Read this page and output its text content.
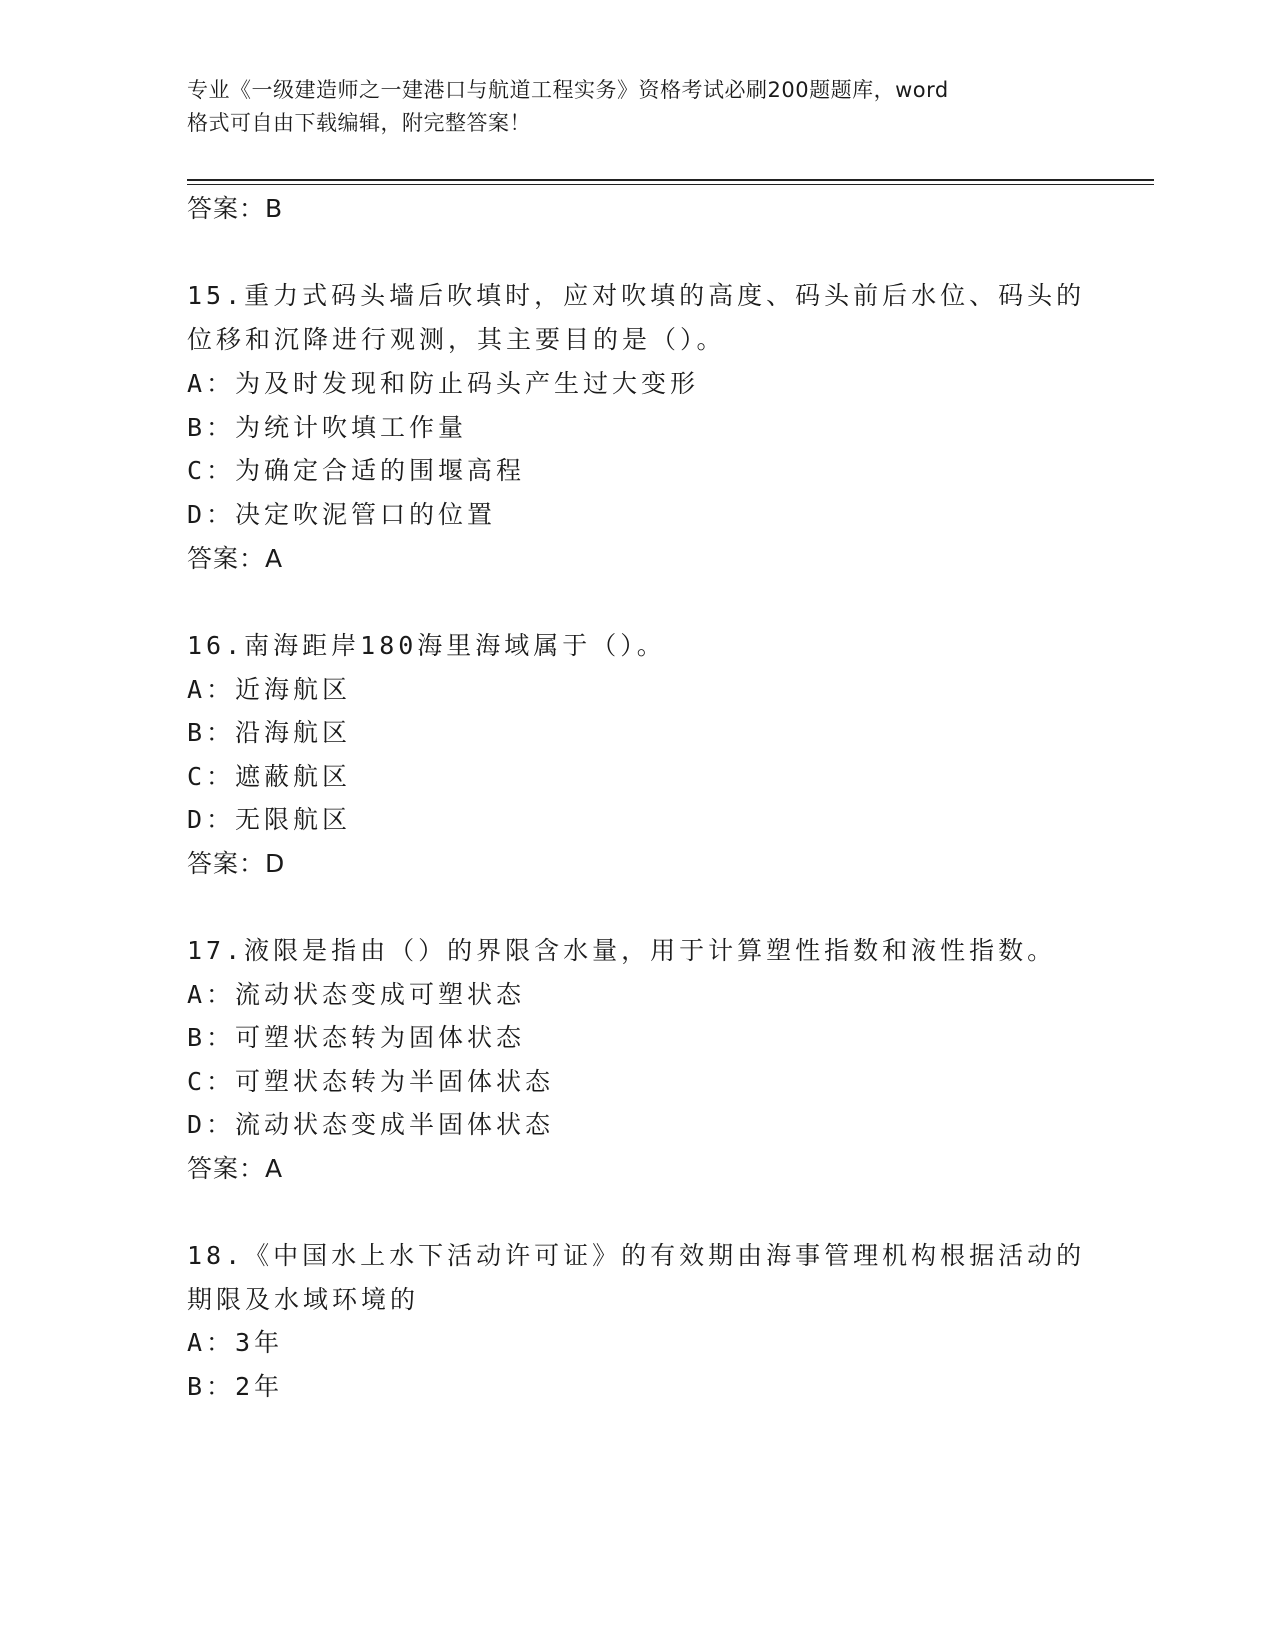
专业《一级建造师之一建港口与航道工程实务》资格考试必刷200题题库，word
格式可自由下载编辑，附完整答案！
答案：B
15.重力式码头墙后吹填时，应对吹填的高度、码头前后水位、码头的
位移和沉降进行观测，其主要目的是（）。
A：为及时发现和防止码头产生过大变形
B：为统计吹填工作量
C：为确定合适的围堰高程
D：决定吹泥管口的位置
答案：A
16.南海距岸180海里海域属于（）。
A：近海航区
B：沿海航区
C：遮蔽航区
D：无限航区
答案：D
17.液限是指由（）的界限含水量，用于计算塑性指数和液性指数。
A：流动状态变成可塑状态
B：可塑状态转为固体状态
C：可塑状态转为半固体状态
D：流动状态变成半固体状态
答案：A
18.《中国水上水下活动许可证》的有效期由海事管理机构根据活动的
期限及水域环境的
A：3年
B：2年
